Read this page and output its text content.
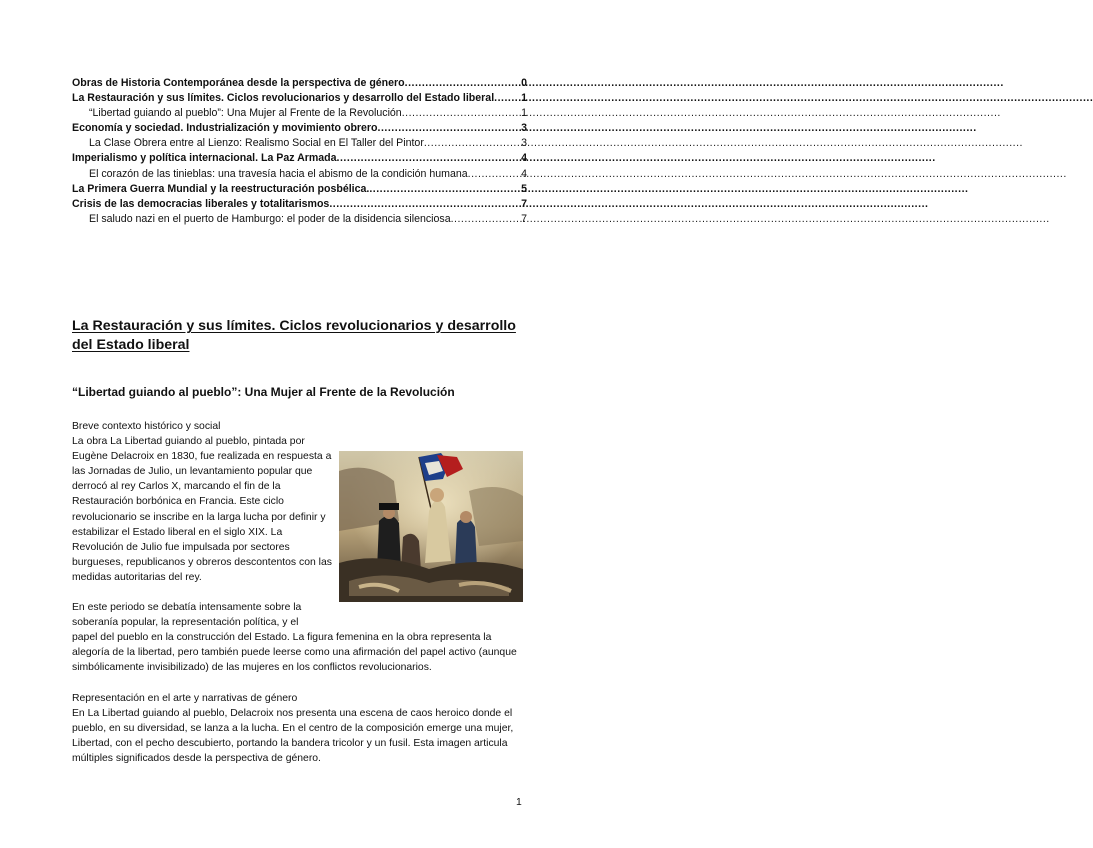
Obras de Historia Contemporánea desde la perspectiva de género .....	0
La Restauración y sus límites. Ciclos revolucionarios y desarrollo del Estado liberal .....	1
“Libertad guiando al pueblo”: Una Mujer al Frente de la Revolución .....	1
Economía y sociedad. Industrialización y movimiento obrero .....	3
La Clase Obrera entre al Lienzo: Realismo Social en El Taller del Pintor .....	3
Imperialismo y política internacional. La Paz Armada .....	4
El corazón de las tinieblas: una travesía hacia el abismo de la condición humana .....	4
La Primera Guerra Mundial y la reestructuración posbélica. .....	5
Crisis de las democracias liberales y totalitarismos .....	7
El saludo nazi en el puerto de Hamburgo: el poder de la disidencia silenciosa .....	7
La Restauración y sus límites. Ciclos revolucionarios y desarrollo del Estado liberal
“Libertad guiando al pueblo”: Una Mujer al Frente de la Revolución

Breve contexto histórico y social

La obra La Libertad guiando al pueblo, pintada por Eugène Delacroix en 1830, fue realizada en respuesta a las Jornadas de Julio, un levantamiento popular que derrocó al rey Carlos X, marcando el fin de la Restauración borbónica en Francia. Este ciclo revolucionario se inscribe en la larga lucha por definir y estabilizar el Estado liberal en el siglo XIX. La Revolución de Julio fue impulsada por sectores burgueses, republicanos y obreros descontentos con las medidas autoritarias del rey.

En este periodo se debatía intensamente sobre la soberanía popular, la representación política, y el

papel del pueblo en la construcción del Estado. La figura femenina en la obra representa la alegoría de la libertad, pero también puede leerse como una afirmación del papel activo (aunque simbólicamente invisibilizado) de las mujeres en los conflictos revolucionarios.

Representación en el arte y narrativas de género

En La Libertad guiando al pueblo, Delacroix nos presenta una escena de caos heroico donde el pueblo, en su diversidad, se lanza a la lucha. En el centro de la composición emerge una mujer, Libertad, con el pecho descubierto, portando la bandera tricolor y un fusil. Esta imagen articula múltiples significados desde la perspectiva de género.

1
